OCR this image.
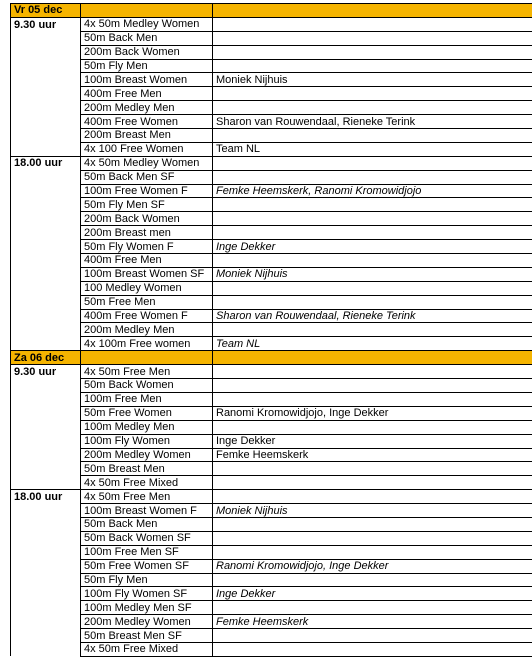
Vr 05 dec		
9.30 uur	4x 50m Medley Women	
	50m Back Men	
	200m Back Women	
	50m Fly Men	
	100m Breast Women	Moniek Nijhuis
	400m Free Men	
	200m Medley Men	
	400m Free Women	Sharon van Rouwendaal, Rieneke Terink
	200m Breast Men	
	4x 100 Free Women	Team NL
18.00 uur	4x 50m Medley Women	
	50m Back Men SF	
	100m Free Women F	Femke Heemskerk, Ranomi Kromowidjojo
	50m Fly Men SF	
	200m Back Women	
	200m Breast men	
	50m Fly Women F	Inge Dekker
	400m Free Men	
	100m Breast Women SF	Moniek Nijhuis
	100 Medley Women	
	50m Free Men	
	400m Free Women F	Sharon van Rouwendaal, Rieneke Terink
	200m Medley Men	
	4x 100m Free women	Team NL
Za 06 dec		
9.30 uur	4x 50m Free Men	
	50m Back Women	
	100m Free Men	
	50m Free Women	Ranomi Kromowidjojo, Inge Dekker
	100m Medley Men	
	100m Fly Women	Inge Dekker
	200m Medley Women	Femke Heemskerk
	50m Breast Men	
	4x 50m Free Mixed	
18.00 uur	4x 50m Free Men	
	100m Breast Women F	Moniek Nijhuis
	50m Back Men	
	50m Back Women SF	
	100m Free Men SF	
	50m Free Women SF	Ranomi Kromowidjojo, Inge Dekker
	50m Fly Men	
	100m Fly Women SF	Inge Dekker
	100m Medley Men SF	
	200m Medley Women	Femke Heemskerk
	50m Breast Men SF	
	4x 50m Free Mixed	
